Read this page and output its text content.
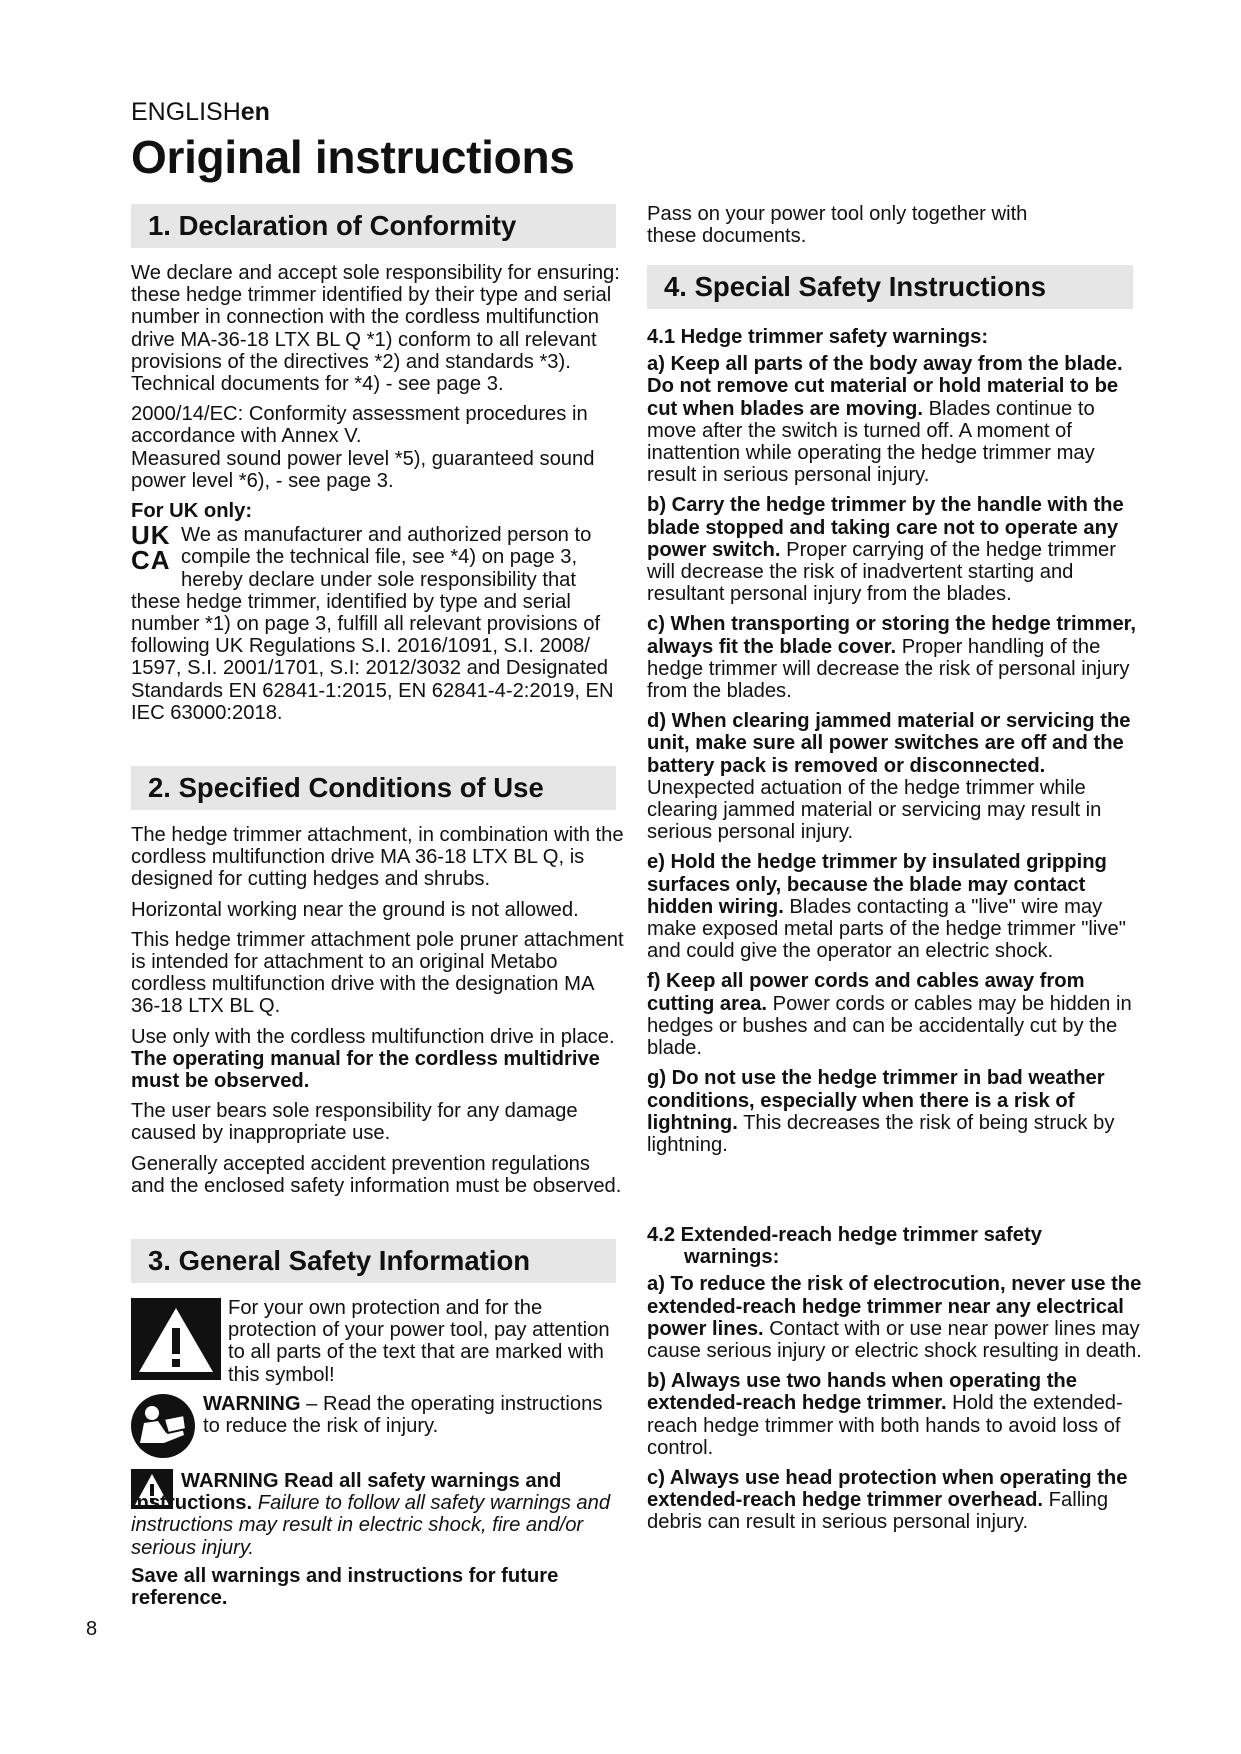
ENGLISHen
Original instructions
1. Declaration of Conformity

We declare and accept sole responsibility for ensuring: these hedge trimmer identified by their type and serial number in connection with the cordless multifunction drive MA-36-18 LTX BL Q *1) conform to all relevant provisions of the directives *2) and standards *3). Technical documents for *4) - see page 3.

2000/14/EC: Conformity assessment procedures in accordance with Annex V.

Measured sound power level *5), guaranteed sound power level *6), - see page 3.

For UK only:

UK
CA
We as manufacturer and authorized person to compile the technical file, see *4) on page 3, hereby declare under sole responsibility that these hedge trimmer, identified by type and serial number *1) on page 3, fulfill all relevant provisions of following UK Regulations S.I. 2016/1091, S.I. 2008/ 1597, S.I. 2001/1701, S.I: 2012/3032 and Designated Standards EN 62841-1:2015, EN 62841-4-2:2019, EN IEC 63000:2018.
2. Specified Conditions of Use

The hedge trimmer attachment, in combination with the cordless multifunction drive MA 36-18 LTX BL Q, is designed for cutting hedges and shrubs.

Horizontal working near the ground is not allowed.

This hedge trimmer attachment pole pruner attachment is intended for attachment to an original Metabo cordless multifunction drive with the designation MA 36-18 LTX BL Q.

Use only with the cordless multifunction drive in place. The operating manual for the cordless multidrive must be observed.

The user bears sole responsibility for any damage caused by inappropriate use.

Generally accepted accident prevention regulations and the enclosed safety information must be observed.

3. General Safety Information
For your own protection and for the protection of your power tool, pay attention to all parts of the text that are marked with this symbol!
WARNING – Read the operating instructions to reduce the risk of injury.
WARNING Read all safety warnings and instructions. Failure to follow all safety warnings and instructions may result in electric shock, fire and/or serious injury.
Save all warnings and instructions for future reference.
Pass on your power tool only together with these documents.
4. Special Safety Instructions

4.1 Hedge trimmer safety warnings:

a) Keep all parts of the body away from the blade. Do not remove cut material or hold material to be cut when blades are moving. Blades continue to move after the switch is turned off. A moment of inattention while operating the hedge trimmer may result in serious personal injury.

b) Carry the hedge trimmer by the handle with the blade stopped and taking care not to operate any power switch. Proper carrying of the hedge trimmer will decrease the risk of inadvertent starting and resultant personal injury from the blades.

c) When transporting or storing the hedge trimmer, always fit the blade cover. Proper handling of the hedge trimmer will decrease the risk of personal injury from the blades.

d) When clearing jammed material or servicing the unit, make sure all power switches are off and the battery pack is removed or disconnected. Unexpected actuation of the hedge trimmer while clearing jammed material or servicing may result in serious personal injury.

e) Hold the hedge trimmer by insulated gripping surfaces only, because the blade may contact hidden wiring. Blades contacting a "live" wire may make exposed metal parts of the hedge trimmer "live" and could give the operator an electric shock.

f) Keep all power cords and cables away from cutting area. Power cords or cables may be hidden in hedges or bushes and can be accidentally cut by the blade.

g) Do not use the hedge trimmer in bad weather conditions, especially when there is a risk of lightning. This decreases the risk of being struck by lightning.

4.2 Extended-reach hedge trimmer safety
warnings:

a) To reduce the risk of electrocution, never use the extended-reach hedge trimmer near any electrical power lines. Contact with or use near power lines may cause serious injury or electric shock resulting in death.

b) Always use two hands when operating the extended-reach hedge trimmer. Hold the extended-reach hedge trimmer with both hands to avoid loss of control.

c) Always use head protection when operating the extended-reach hedge trimmer overhead. Falling debris can result in serious personal injury.

8
